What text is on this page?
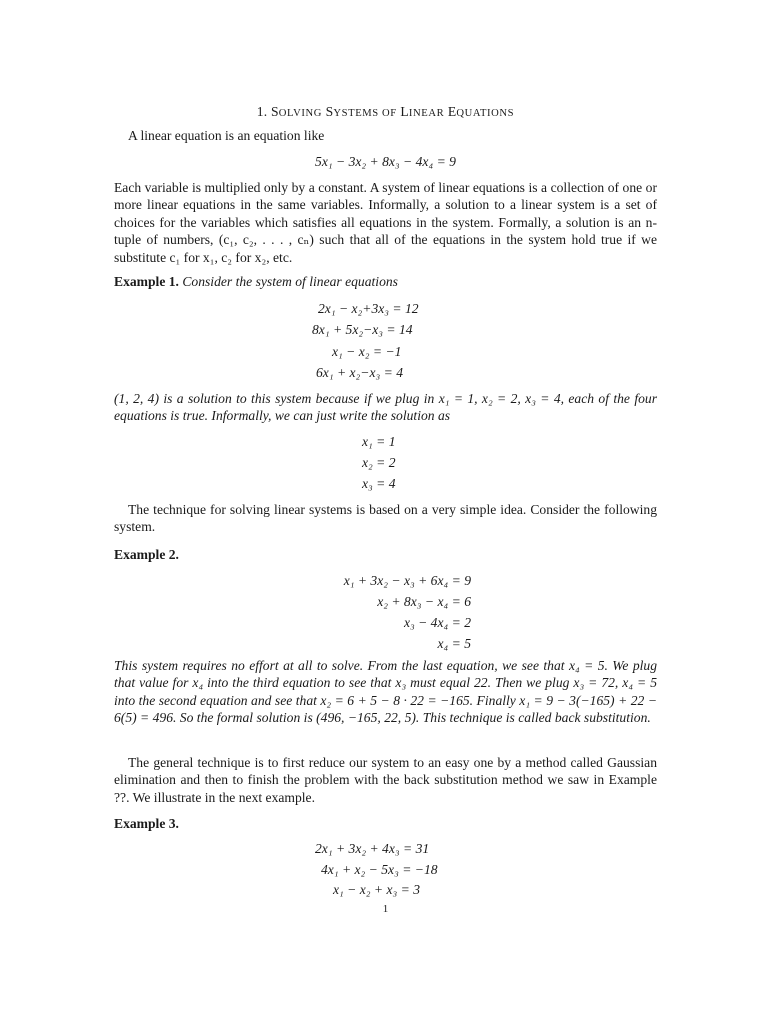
1. SOLVING SYSTEMS OF LINEAR EQUATIONS
A linear equation is an equation like
5x₁ − 3x₂ + 8x₃ − 4x₄ = 9
Each variable is multiplied only by a constant. A system of linear equations is a collection of one or more linear equations in the same variables. Informally, a solution to a linear system is a set of choices for the variables which satisfies all equations in the system. Formally, a solution is an n-tuple of numbers, (c₁, c₂, . . . , cₙ) such that all of the equations in the system hold true if we substitute c₁ for x₁, c₂ for x₂, etc.
Example 1. Consider the system of linear equations
2x₁ − x₂+3x₃ = 12
8x₁ + 5x₂−x₃ = 14
x₁ − x₂ = −1
6x₁ + x₂−x₃ = 4
(1, 2, 4) is a solution to this system because if we plug in x₁ = 1, x₂ = 2, x₃ = 4, each of the four equations is true. Informally, we can just write the solution as
x₁ = 1
x₂ = 2
x₃ = 4
The technique for solving linear systems is based on a very simple idea. Consider the following system.
Example 2.
x₁ + 3x₂ − x₃ + 6x₄ = 9
x₂ + 8x₃ − x₄ = 6
x₃ − 4x₄ = 2
x₄ = 5
This system requires no effort at all to solve. From the last equation, we see that x₄ = 5. We plug that value for x₄ into the third equation to see that x₃ must equal 22. Then we plug x₃ = 72, x₄ = 5 into the second equation and see that x₂ = 6 + 5 − 8 · 22 = −165. Finally x₁ = 9 − 3(−165) + 22 − 6(5) = 496. So the formal solution is (496, −165, 22, 5). This technique is called back substitution.
The general technique is to first reduce our system to an easy one by a method called Gaussian elimination and then to finish the problem with the back substitution method we saw in Example ??. We illustrate in the next example.
Example 3.
2x₁ + 3x₂ + 4x₃ = 31
4x₁ + x₂ − 5x₃ = −18
x₁ − x₂ + x₃ = 3
1
